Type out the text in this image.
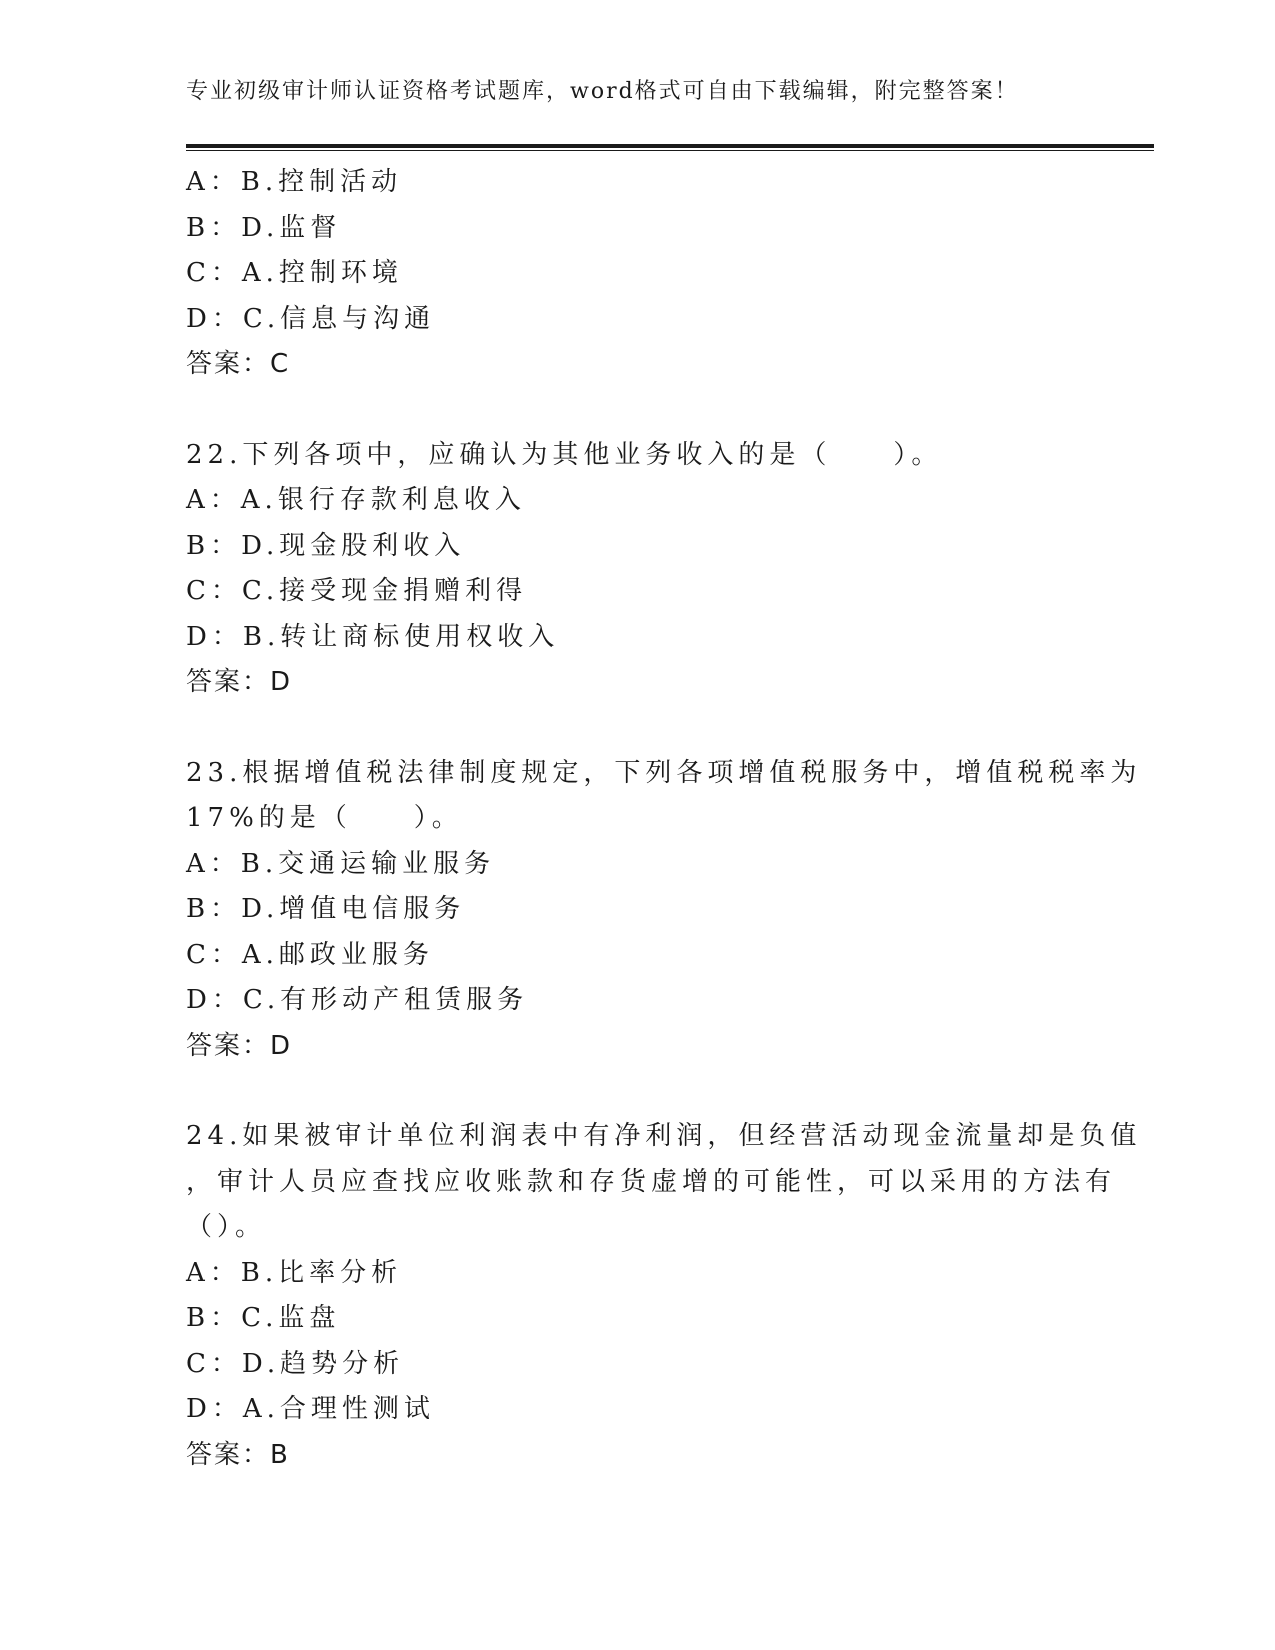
专业初级审计师认证资格考试题库，word格式可自由下载编辑，附完整答案！
A：B.控制活动
B：D.监督
C：A.控制环境
D：C.信息与沟通
答案：C
22.下列各项中，应确认为其他业务收入的是（　　）。
A：A.银行存款利息收入
B：D.现金股利收入
C：C.接受现金捐赠利得
D：B.转让商标使用权收入
答案：D
23.根据增值税法律制度规定，下列各项增值税服务中，增值税税率为
17%的是（　　）。
A：B.交通运输业服务
B：D.增值电信服务
C：A.邮政业服务
D：C.有形动产租赁服务
答案：D
24.如果被审计单位利润表中有净利润，但经营活动现金流量却是负值
，审计人员应查找应收账款和存货虚增的可能性，可以采用的方法有
（）。
A：B.比率分析
B：C.监盘
C：D.趋势分析
D：A.合理性测试
答案：B
